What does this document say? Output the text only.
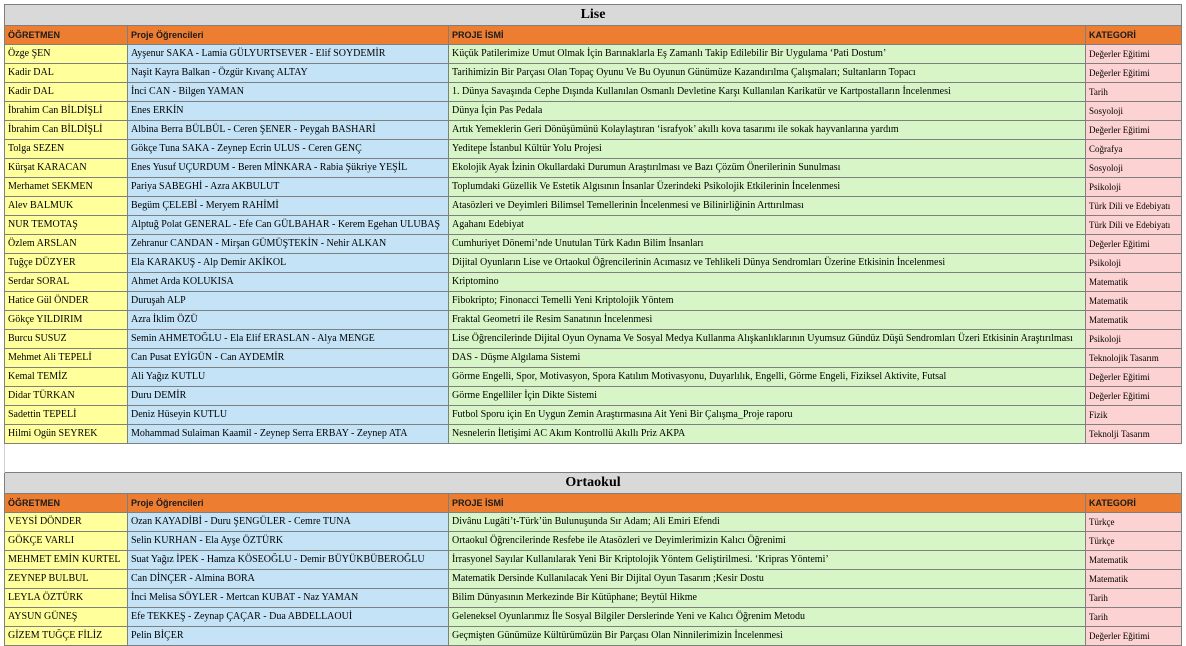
Lise			
ÖĞRETMEN	Proje Öğrencileri	PROJE İSMİ	KATEGORİ
Özge ŞEN	Ayşenur SAKA - Lamia GÜLYURTSEVER - Elif SOYDEMİR	Küçük Patilerimize Umut Olmak İçin Barınaklarla Eş Zamanlı Takip Edilebilir Bir Uygulama ‘Pati Dostum’	Değerler Eğitimi
Kadir DAL	Naşit Kayra Balkan - Özgür Kıvanç ALTAY	Tarihimizin Bir Parçası Olan Topaç Oyunu Ve Bu Oyunun Günümüze Kazandırılma Çalışmaları; Sultanların Topacı	Değerler Eğitimi
Kadir DAL	İnci CAN - Bilgen YAMAN	1. Dünya Savaşında Cephe Dışında Kullanılan Osmanlı Devletine Karşı Kullanılan Karikatür ve Kartpostalların İncelenmesi	Tarih
İbrahim Can BİLDİŞLİ	Enes ERKİN	Dünya İçin Pas Pedala	Sosyoloji
İbrahim Can BİLDİŞLİ	Albina Berra BÜLBÜL - Ceren ŞENER - Peygah BASHARİ	Artık Yemeklerin Geri Dönüşümünü Kolaylaştıran ‘israfyok’ akıllı kova tasarımı ile sokak hayvanlarına yardım	Değerler Eğitimi
Tolga SEZEN	Gökçe Tuna SAKA - Zeynep Ecrin ULUS - Ceren GENÇ	Yeditepe İstanbul Kültür Yolu Projesi	Coğrafya
Kürşat KARACAN	Enes Yusuf UÇURDUM - Beren MİNKARA - Rabia Şükriye YEŞİL	Ekolojik Ayak İzinin Okullardaki Durumun Araştırılması ve Bazı Çözüm Önerilerinin Sunulması	Sosyoloji
Merhamet SEKMEN	Pariya SABEGHİ - Azra AKBULUT	Toplumdaki Güzellik Ve Estetik Algısının İnsanlar Üzerindeki Psikolojik Etkilerinin İncelenmesi	Psikoloji
Alev BALMUK	Begüm ÇELEBİ - Meryem RAHİMİ	Atasözleri ve Deyimleri Bilimsel Temellerinin İncelenmesi ve Bilinirliğinin Arttırılması	Türk Dili ve Edebiyatı
NUR TEMOTAŞ	Alptuğ Polat GENERAL - Efe Can GÜLBAHAR - Kerem Egehan ULUBAŞ	Agahanı Edebiyat	Türk Dili ve Edebiyatı
Özlem ARSLAN	Zehranur CANDAN - Mirşan GÜMÜŞTEKİN - Nehir ALKAN	Cumhuriyet Dönemi’nde Unutulan Türk Kadın Bilim İnsanları	Değerler Eğitimi
Tuğçe DÜZYER	Ela KARAKUŞ - Alp Demir AKİKOL	Dijital Oyunların Lise ve Ortaokul Öğrencilerinin Acımasız ve Tehlikeli Dünya Sendromları Üzerine Etkisinin İncelenmesi	Psikoloji
Serdar SORAL	Ahmet Arda KOLUKISA	Kriptomino	Matematik
Hatice Gül ÖNDER	Duruşah ALP	Fibokripto; Finonacci Temelli Yeni Kriptolojik Yöntem	Matematik
Gökçe YILDIRIM	Azra İklim ÖZÜ	Fraktal Geometri ile Resim Sanatının İncelenmesi	Matematik
Burcu SUSUZ	Semin AHMETOĞLU - Ela Elif ERASLAN - Alya MENGE	Lise Öğrencilerinde Dijital Oyun Oynama Ve Sosyal Medya Kullanma Alışkanlıklarının Uyumsuz Gündüz Düşü Sendromları Üzeri Etkisinin Araştırılması	Psikoloji
Mehmet Ali TEPELİ	Can Pusat EYİGÜN - Can AYDEMİR	DAS - Düşme Algılama Sistemi	Teknolojik Tasarım
Kemal TEMİZ	Ali Yağız KUTLU	Görme Engelli, Spor, Motivasyon, Spora Katılım Motivasyonu, Duyarlılık, Engelli, Görme Engeli, Fiziksel Aktivite, Futsal	Değerler Eğitimi
Didar TÜRKAN	Duru DEMİR	Görme Engelliler İçin Dikte Sistemi	Değerler Eğitimi
Sadettin TEPELİ	Deniz Hüseyin KUTLU	Futbol Sporu için En Uygun Zemin Araştırmasına Ait Yeni Bir Çalışma_Proje raporu	Fizik
Hilmi Ogün SEYREK	Mohammad Sulaiman Kaamil - Zeynep Serra ERBAY - Zeynep ATA	Nesnelerin İletişimi AC Akım Kontrollü Akıllı Priz AKPA	Teknolji Tasarım

Ortaokul			
ÖĞRETMEN	Proje Öğrencileri	PROJE İSMİ	KATEGORİ
VEYSİ DÖNDER	Ozan KAYADİBİ - Duru ŞENGÜLER - Cemre TUNA	Divânu Lugâti’t-Türk’ün Bulunuşunda Sır Adam; Ali Emiri Efendi	Türkçe
GÖKÇE VARLI	Selin KURHAN - Ela Ayşe ÖZTÜRK	Ortaokul Öğrencilerinde Resfebe ile Atasözleri ve Deyimlerimizin Kalıcı Öğrenimi	Türkçe
MEHMET EMİN KURTEL	Suat Yağız İPEK - Hamza KÖSEOĞLU - Demir BÜYÜKBÜBEROĞLU	İrrasyonel Sayılar Kullanılarak Yeni Bir Kriptolojik Yöntem Geliştirilmesi. ‘Kripras Yöntemi’	Matematik
ZEYNEP BULBUL	Can DİNÇER - Almina BORA	Matematik Dersinde Kullanılacak Yeni Bir Dijital Oyun Tasarım ;Kesir Dostu	Matematik
LEYLA ÖZTÜRK	İnci Melisa SÖYLER - Mertcan KUBAT - Naz YAMAN	Bilim Dünyasının Merkezinde Bir Kütüphane; Beytül Hikme	Tarih
AYSUN GÜNEŞ	Efe TEKKEŞ - Zeynap ÇAÇAR - Dua ABDELLAOUİ	Geleneksel Oyunlarımız İle Sosyal Bilgiler Derslerinde Yeni ve Kalıcı Öğrenim Metodu	Tarih
GİZEM TUĞÇE FİLİZ	Pelin BİÇER	Geçmişten Günümüze Kültürümüzün Bir Parçası Olan Ninnilerimizin İncelenmesi	Değerler Eğitimi
